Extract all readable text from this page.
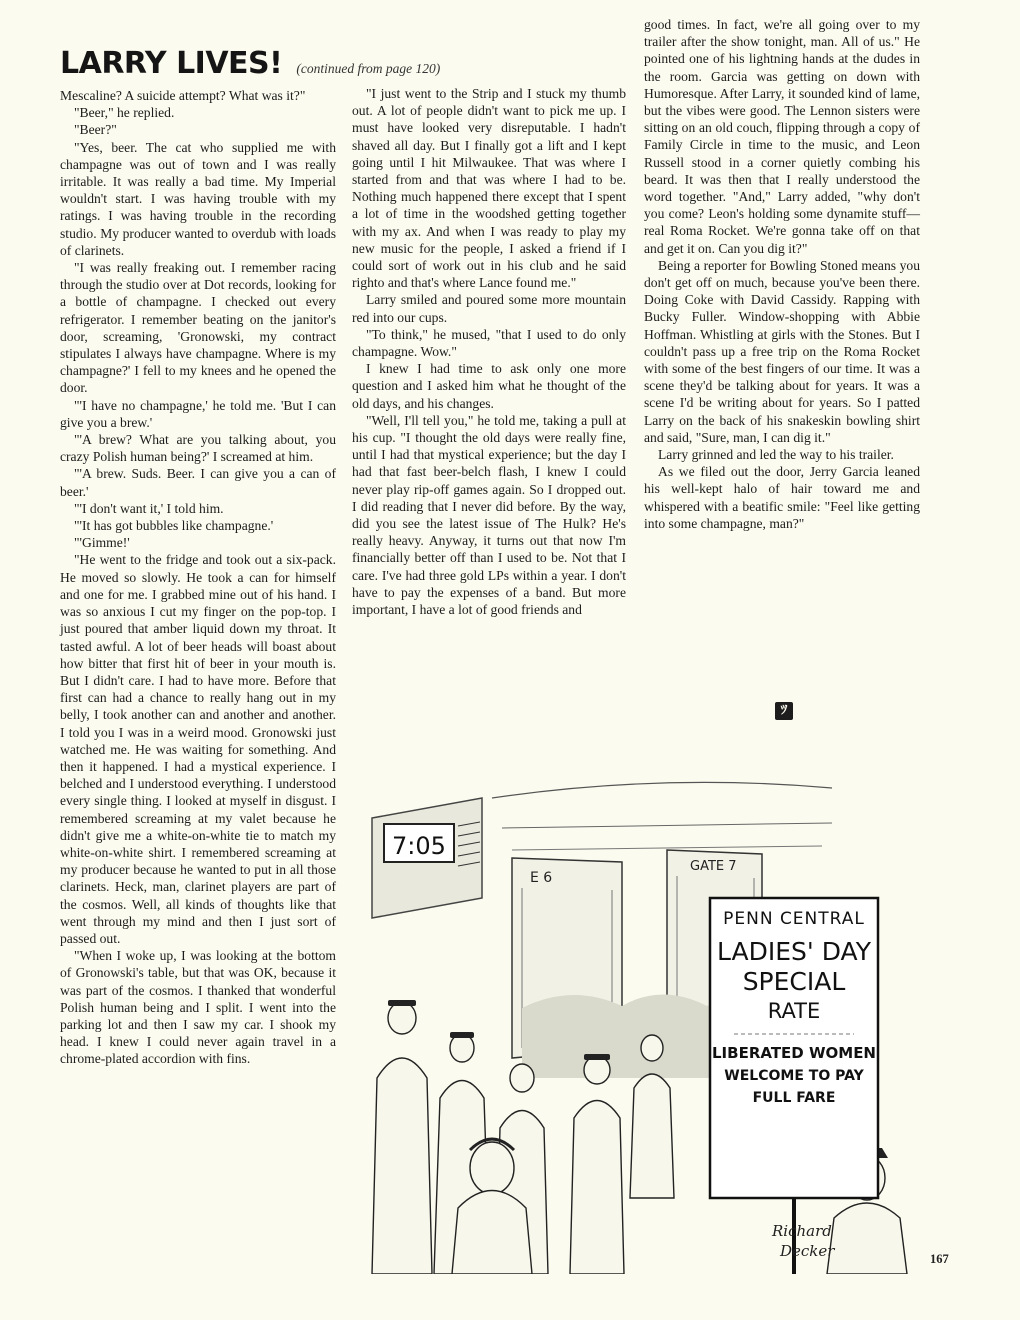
LARRY LIVES! (continued from page 120)

Mescaline? A suicide attempt? What was it?"

"Beer," he replied.

"Beer?"

"Yes, beer. The cat who supplied me with champagne was out of town and I was really irritable. It was really a bad time. My Imperial wouldn't start. I was having trouble with my ratings. I was having trouble in the recording studio. My producer wanted to overdub with loads of clarinets.

"I was really freaking out. I remember racing through the studio over at Dot records, looking for a bottle of champagne. I checked out every refrigerator. I remember beating on the janitor's door, screaming, 'Gronowski, my contract stipulates I always have champagne. Where is my champagne?' I fell to my knees and he opened the door.

"'I have no champagne,' he told me. 'But I can give you a brew.'

"'A brew? What are you talking about, you crazy Polish human being?' I screamed at him.

"'A brew. Suds. Beer. I can give you a can of beer.'

"'I don't want it,' I told him.

"'It has got bubbles like champagne.'

"'Gimme!'

"He went to the fridge and took out a six-pack. He moved so slowly. He took a can for himself and one for me. I grabbed mine out of his hand. I was so anxious I cut my finger on the pop-top. I just poured that amber liquid down my throat. It tasted awful. A lot of beer heads will boast about how bitter that first hit of beer in your mouth is. But I didn't care. I had to have more. Before that first can had a chance to really hang out in my belly, I took another can and another and another. I told you I was in a weird mood. Gronowski just watched me. He was waiting for something. And then it happened. I had a mystical experience. I belched and I understood everything. I understood every single thing. I looked at myself in disgust. I remembered screaming at my valet because he didn't give me a white-on-white tie to match my white-on-white shirt. I remembered screaming at my producer because he wanted to put in all those clarinets. Heck, man, clarinet players are part of the cosmos. Well, all kinds of thoughts like that went through my mind and then I just sort of passed out.

"When I woke up, I was looking at the bottom of Gronowski's table, but that was OK, because it was part of the cosmos. I thanked that wonderful Polish human being and I split. I went into the parking lot and then I saw my car. I shook my head. I knew I could never again travel in a chrome-plated accordion with fins.

"I just went to the Strip and I stuck my thumb out. A lot of people didn't want to pick me up. I must have looked very disreputable. I hadn't shaved all day. But I finally got a lift and I kept going until I hit Milwaukee. That was where I started from and that was where I had to be. Nothing much happened there except that I spent a lot of time in the woodshed getting together with my ax. And when I was ready to play my new music for the people, I asked a friend if I could sort of work out in his club and he said righto and that's where Lance found me."

Larry smiled and poured some more mountain red into our cups.

"To think," he mused, "that I used to do only champagne. Wow."

I knew I had time to ask only one more question and I asked him what he thought of the old days, and his changes.

"Well, I'll tell you," he told me, taking a pull at his cup. "I thought the old days were really fine, until I had that mystical experience; but the day I had that fast beer-belch flash, I knew I could never play rip-off games again. So I dropped out. I did reading that I never did before. By the way, did you see the latest issue of The Hulk? He's really heavy. Anyway, it turns out that now I'm financially better off than I used to be. Not that I care. I've had three gold LPs within a year. I don't have to pay the expenses of a band. But more important, I have a lot of good friends and

good times. In fact, we're all going over to my trailer after the show tonight, man. All of us." He pointed one of his lightning hands at the dudes in the room. Garcia was getting on down with Humoresque. After Larry, it sounded kind of lame, but the vibes were good. The Lennon sisters were sitting on an old couch, flipping through a copy of Family Circle in time to the music, and Leon Russell stood in a corner quietly combing his beard. It was then that I really understood the word together. "And," Larry added, "why don't you come? Leon's holding some dynamite stuff—real Roma Rocket. We're gonna take off on that and get it on. Can you dig it?"

Being a reporter for Bowling Stoned means you don't get off on much, because you've been there. Doing Coke with David Cassidy. Rapping with Bucky Fuller. Window-shopping with Abbie Hoffman. Whistling at girls with the Stones. But I couldn't pass up a free trip on the Roma Rocket with some of the best fingers of our time. It was a scene they'd be talking about for years. It was a scene I'd be writing about for years. So I patted Larry on the back of his snakeskin bowling shirt and said, "Sure, man, I can dig it."

Larry grinned and led the way to his trailer.

As we filed out the door, Jerry Garcia leaned his well-kept halo of hair toward me and whispered with a beatific smile: "Feel like getting into some champagne, man?"

ﾂ
7:05
E 6
GATE 7
PENN CENTRAL
LADIES' DAY
SPECIAL
RATE
LIBERATED WOMEN
WELCOME TO PAY
FULL FARE
Richard
Decker	167
